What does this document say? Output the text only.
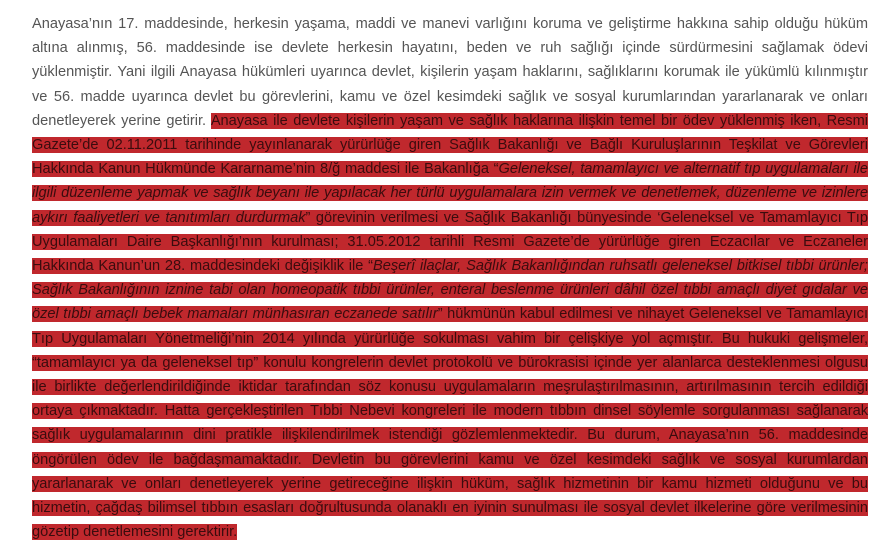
Anayasa’nın 17. maddesinde, herkesin yaşama, maddi ve manevi varlığını koruma ve geliştirme hakkına sahip olduğu hüküm altına alınmış, 56. maddesinde ise devlete herkesin hayatını, beden ve ruh sağlığı içinde sürdürmesini sağlamak ödevi yüklenmiştir. Yani ilgili Anayasa hükümleri uyarınca devlet, kişilerin yaşam haklarını, sağlıklarını korumak ile yükümlü kılınmıştır ve 56. madde uyarınca devlet bu görevlerini, kamu ve özel kesimdeki sağlık ve sosyal kurumlarından yararlanarak ve onları denetleyerek yerine getirir. Anayasa ile devlete kişilerin yaşam ve sağlık haklarına ilişkin temel bir ödev yüklenmiş iken, Resmi Gazete’de 02.11.2011 tarihinde yayınlanarak yürürlüğe giren Sağlık Bakanlığı ve Bağlı Kuruluşlarının Teşkilat ve Görevleri Hakkında Kanun Hükmünde Kararname’nin 8/ğ maddesi ile Bakanlığa “Geleneksel, tamamlayıcı ve alternatif tıp uygulamaları ile ilgili düzenleme yapmak ve sağlık beyanı ile yapılacak her türlü uygulamalara izin vermek ve denetlemek, düzenleme ve izinlere aykırı faaliyetleri ve tanıtımları durdurmak” görevinin verilmesi ve Sağlık Bakanlığı bünyesinde ‘Geleneksel ve Tamamlayıcı Tıp Uygulamaları Daire Başkanlığı’nın kurulması; 31.05.2012 tarihli Resmi Gazete’de yürürlüğe giren Eczacılar ve Eczaneler Hakkında Kanun’un 28. maddesindeki değişiklik ile “Beşerî ilaçlar, Sağlık Bakanlığından ruhsatlı geleneksel bitkisel tıbbi ürünler; Sağlık Bakanlığının iznine tabi olan homeopatik tıbbi ürünler, enteral beslenme ürünleri dâhil özel tıbbi amaçlı diyet gıdalar ve özel tıbbi amaçlı bebek mamaları münhasıran eczanede satılır” hükmünün kabul edilmesi ve nihayet Geleneksel ve Tamamlayıcı Tıp Uygulamaları Yönetmeliği’nin 2014 yılında yürürlüğe sokulması vahim bir çelişkiye yol açmıştır. Bu hukuki gelişmeler, “tamamlayıcı ya da geleneksel tıp” konulu kongrelerin devlet protokolü ve bürokrasisi içinde yer alanlarca desteklenmesi olgusu ile birlikte değerlendirildiğinde iktidar tarafından söz konusu uygulamaların meşrulaştırılmasının, artırılmasının tercih edildiği ortaya çıkmaktadır. Hatta gerçekleştirilen Tıbbi Nebevi kongreleri ile modern tıbbın dinsel söylemle sorgulanması sağlanarak sağlık uygulamalarının dini pratikle ilişkilendirilmek istendiği gözlemlenmektedir. Bu durum, Anayasa’nın 56. maddesinde öngörülen ödev ile bağdaşmamaktadır. Devletin bu görevlerini kamu ve özel kesimdeki sağlık ve sosyal kurumlardan yararlanarak ve onları denetleyerek yerine getireceğine ilişkin hüküm, sağlık hizmetinin bir kamu hizmeti olduğunu ve bu hizmetin, çağdaş bilimsel tıbbın esasları doğrultusunda olanaklı en iyinin sunulması ile sosyal devlet ilkelerine göre verilmesinin gözetip denetlemesini gerektirir.
